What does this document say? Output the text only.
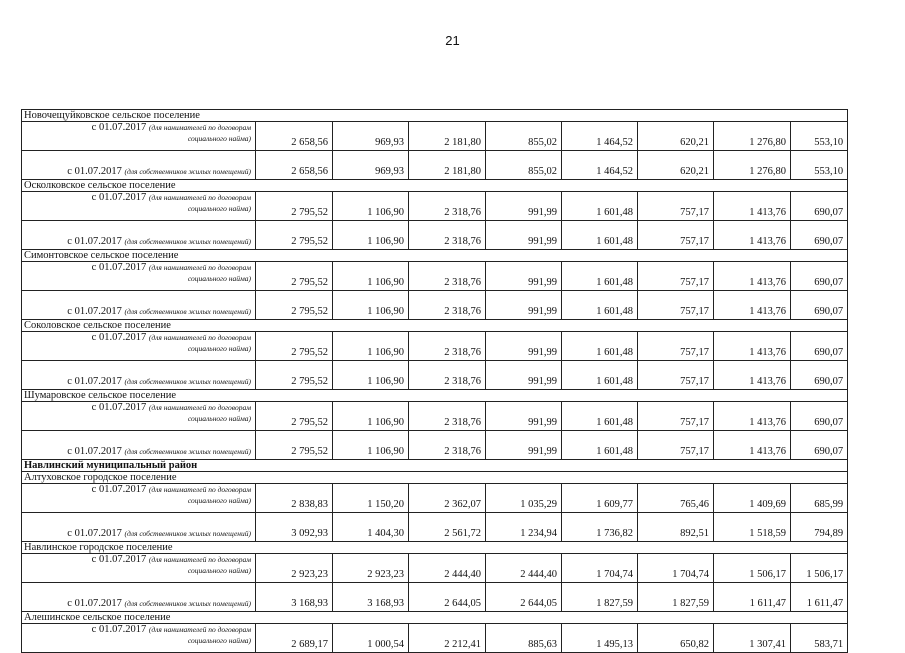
21
Новочещуйковское сельское поселение									

с 01.07.2017 (для нанимателей по договорам
социального найма)	2 658,56	969,93	2 181,80	855,02	1 464,52	620,21	1 276,80	553,10	

с 01.07.2017 (для собственников жилых помещений)	2 658,56	969,93	2 181,80	855,02	1 464,52	620,21	1 276,80	553,10	
Осколковское сельское поселение									

с 01.07.2017 (для нанимателей по договорам
социального найма)	2 795,52	1 106,90	2 318,76	991,99	1 601,48	757,17	1 413,76	690,07	

с 01.07.2017 (для собственников жилых помещений)	2 795,52	1 106,90	2 318,76	991,99	1 601,48	757,17	1 413,76	690,07	
Симонтовское сельское поселение									

с 01.07.2017 (для нанимателей по договорам
социального найма)	2 795,52	1 106,90	2 318,76	991,99	1 601,48	757,17	1 413,76	690,07	

с 01.07.2017 (для собственников жилых помещений)	2 795,52	1 106,90	2 318,76	991,99	1 601,48	757,17	1 413,76	690,07	
Соколовское сельское поселение									

с 01.07.2017 (для нанимателей по договорам
социального найма)	2 795,52	1 106,90	2 318,76	991,99	1 601,48	757,17	1 413,76	690,07	

с 01.07.2017 (для собственников жилых помещений)	2 795,52	1 106,90	2 318,76	991,99	1 601,48	757,17	1 413,76	690,07	
Шумаровское сельское поселение									

с 01.07.2017 (для нанимателей по договорам
социального найма)	2 795,52	1 106,90	2 318,76	991,99	1 601,48	757,17	1 413,76	690,07	

с 01.07.2017 (для собственников жилых помещений)	2 795,52	1 106,90	2 318,76	991,99	1 601,48	757,17	1 413,76	690,07	
Навлинский муниципальный район									
Алтуховское городское поселение									

с 01.07.2017 (для нанимателей по договорам
социального найма)	2 838,83	1 150,20	2 362,07	1 035,29	1 609,77	765,46	1 409,69	685,99	

с 01.07.2017 (для собственников жилых помещений)	3 092,93	1 404,30	2 561,72	1 234,94	1 736,82	892,51	1 518,59	794,89	
Навлинское городское поселение									

с 01.07.2017 (для нанимателей по договорам
социального найма)	2 923,23	2 923,23	2 444,40	2 444,40	1 704,74	1 704,74	1 506,17	1 506,17	

с 01.07.2017 (для собственников жилых помещений)	3 168,93	3 168,93	2 644,05	2 644,05	1 827,59	1 827,59	1 611,47	1 611,47	
Алешинское сельское поселение									

с 01.07.2017 (для нанимателей по договорам
социального найма)	2 689,17	1 000,54	2 212,41	885,63	1 495,13	650,82	1 307,41	583,71	
